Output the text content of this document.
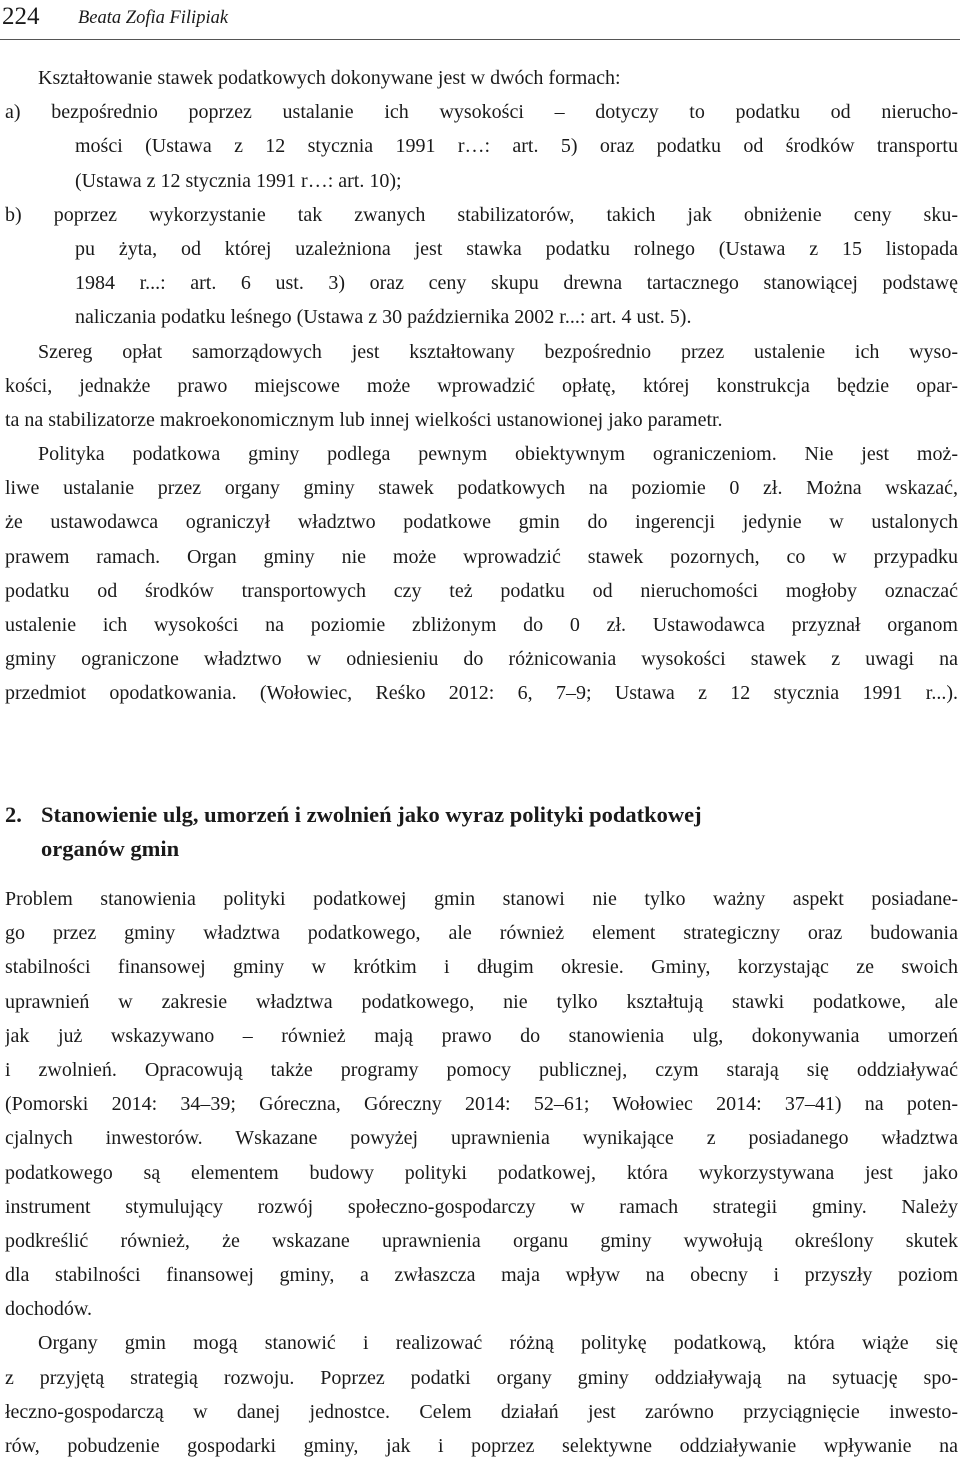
224 Beata Zofia Filipiak
Kształtowanie stawek podatkowych dokonywane jest w dwóch formach:
a) bezpośrednio poprzez ustalanie ich wysokości – dotyczy to podatku od nierucho-
mości (Ustawa z 12 stycznia 1991 r…: art. 5) oraz podatku od środków transportu
(Ustawa z 12 stycznia 1991 r…: art. 10);
b) poprzez wykorzystanie tak zwanych stabilizatorów, takich jak obniżenie ceny sku-
pu żyta, od której uzależniona jest stawka podatku rolnego (Ustawa z 15 listopada
1984 r...: art. 6 ust. 3) oraz ceny skupu drewna tartacznego stanowiącej podstawę
naliczania podatku leśnego (Ustawa z 30 października 2002 r...: art. 4 ust. 5).
Szereg opłat samorządowych jest kształtowany bezpośrednio przez ustalenie ich wyso-
kości, jednakże prawo miejscowe może wprowadzić opłatę, której konstrukcja będzie opar-
ta na stabilizatorze makroekonomicznym lub innej wielkości ustanowionej jako parametr.
Polityka podatkowa gminy podlega pewnym obiektywnym ograniczeniom. Nie jest moż-
liwe ustalanie przez organy gminy stawek podatkowych na poziomie 0 zł. Można wskazać,
że ustawodawca ograniczył władztwo podatkowe gmin do ingerencji jedynie w ustalonych
prawem ramach. Organ gminy nie może wprowadzić stawek pozornych, co w przypadku
podatku od środków transportowych czy też podatku od nieruchomości mogłoby oznaczać
ustalenie ich wysokości na poziomie zbliżonym do 0 zł. Ustawodawca przyznał organom
gminy ograniczone władztwo w odniesieniu do różnicowania wysokości stawek z uwagi na
przedmiot opodatkowania. (Wołowiec, Reśko 2012: 6, 7–9; Ustawa z 12 stycznia 1991 r...).
2. Stanowienie ulg, umorzeń i zwolnień jako wyraz polityki podatkowej
organów gmin
Problem stanowienia polityki podatkowej gmin stanowi nie tylko ważny aspekt posiadane-
go przez gminy władztwa podatkowego, ale również element strategiczny oraz budowania
stabilności finansowej gminy w krótkim i długim okresie. Gminy, korzystając ze swoich
uprawnień w zakresie władztwa podatkowego, nie tylko kształtują stawki podatkowe, ale
jak już wskazywano – również mają prawo do stanowienia ulg, dokonywania umorzeń
i zwolnień. Opracowują także programy pomocy publicznej, czym starają się oddziaływać
(Pomorski 2014: 34–39; Góreczna, Góreczny 2014: 52–61; Wołowiec 2014: 37–41) na poten-
cjalnych inwestorów. Wskazane powyżej uprawnienia wynikające z posiadanego władztwa
podatkowego są elementem budowy polityki podatkowej, która wykorzystywana jest jako
instrument stymulujący rozwój społeczno-gospodarczy w ramach strategii gminy. Należy
podkreślić również, że wskazane uprawnienia organu gminy wywołują określony skutek
dla stabilności finansowej gminy, a zwłaszcza maja wpływ na obecny i przyszły poziom
dochodów.
Organy gmin mogą stanowić i realizować różną politykę podatkową, która wiąże się
z przyjętą strategią rozwoju. Poprzez podatki organy gminy oddziaływają na sytuację spo-
łeczno-gospodarczą w danej jednostce. Celem działań jest zarówno przyciągnięcie inwesto-
rów, pobudzenie gospodarki gminy, jak i poprzez selektywne oddziaływanie wpływanie na
